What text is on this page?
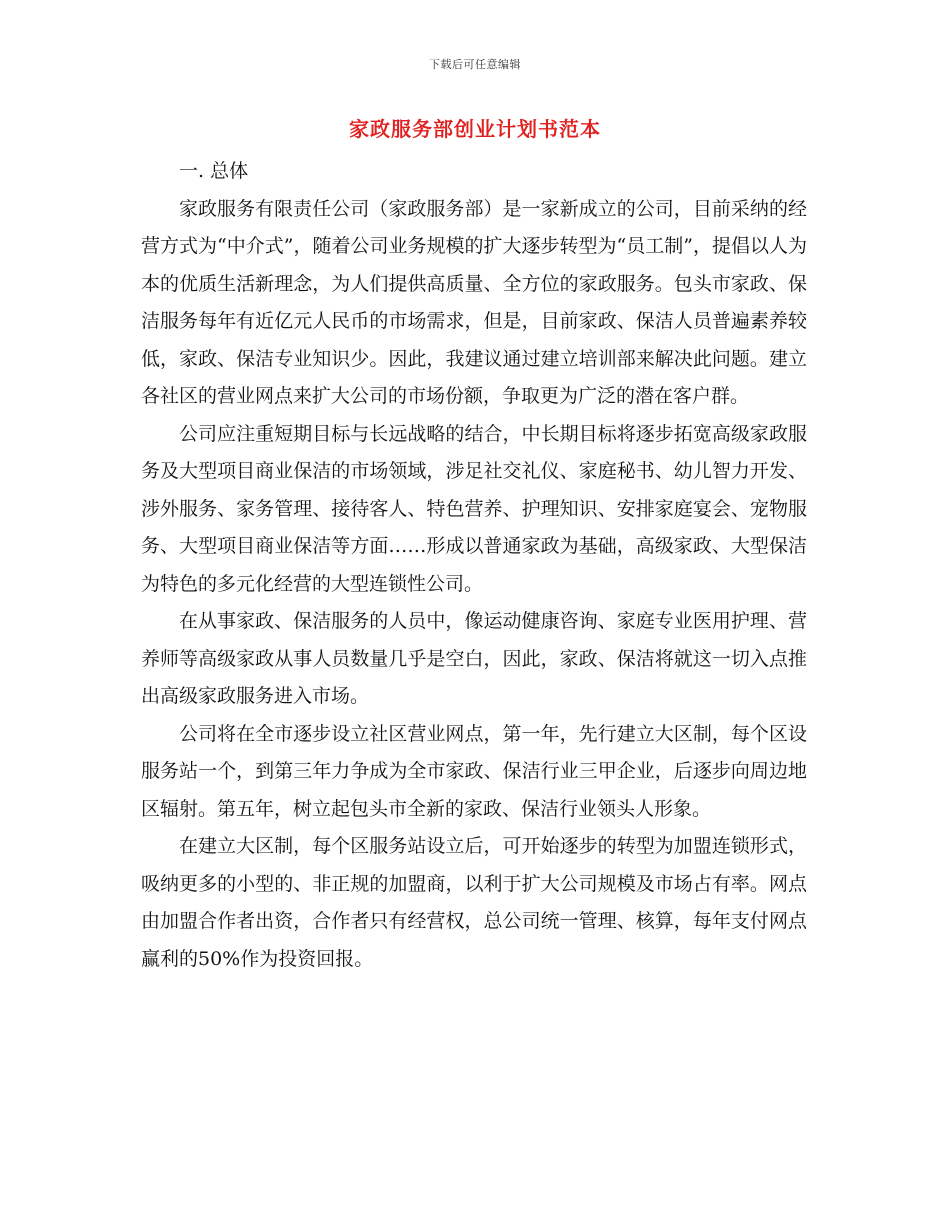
下载后可任意编辑
家政服务部创业计划书范本

一. 总体

家政服务有限责任公司（家政服务部）是一家新成立的公司，目前采纳的经营方式为“中介式”，随着公司业务规模的扩大逐步转型为“员工制”，提倡以人为本的优质生活新理念，为人们提供高质量、全方位的家政服务。包头市家政、保洁服务每年有近亿元人民币的市场需求，但是，目前家政、保洁人员普遍素养较低，家政、保洁专业知识少。因此，我建议通过建立培训部来解决此问题。建立各社区的营业网点来扩大公司的市场份额，争取更为广泛的潜在客户群。

公司应注重短期目标与长远战略的结合，中长期目标将逐步拓宽高级家政服务及大型项目商业保洁的市场领域，涉足社交礼仪、家庭秘书、幼儿智力开发、涉外服务、家务管理、接待客人、特色营养、护理知识、安排家庭宴会、宠物服务、大型项目商业保洁等方面……形成以普通家政为基础，高级家政、大型保洁为特色的多元化经营的大型连锁性公司。

在从事家政、保洁服务的人员中，像运动健康咨询、家庭专业医用护理、营养师等高级家政从事人员数量几乎是空白，因此，家政、保洁将就这一切入点推出高级家政服务进入市场。

公司将在全市逐步设立社区营业网点，第一年，先行建立大区制，每个区设服务站一个，到第三年力争成为全市家政、保洁行业三甲企业，后逐步向周边地区辐射。第五年，树立起包头市全新的家政、保洁行业领头人形象。

在建立大区制，每个区服务站设立后，可开始逐步的转型为加盟连锁形式，吸纳更多的小型的、非正规的加盟商，以利于扩大公司规模及市场占有率。网点由加盟合作者出资，合作者只有经营权，总公司统一管理、核算，每年支付网点赢利的50%作为投资回报。
